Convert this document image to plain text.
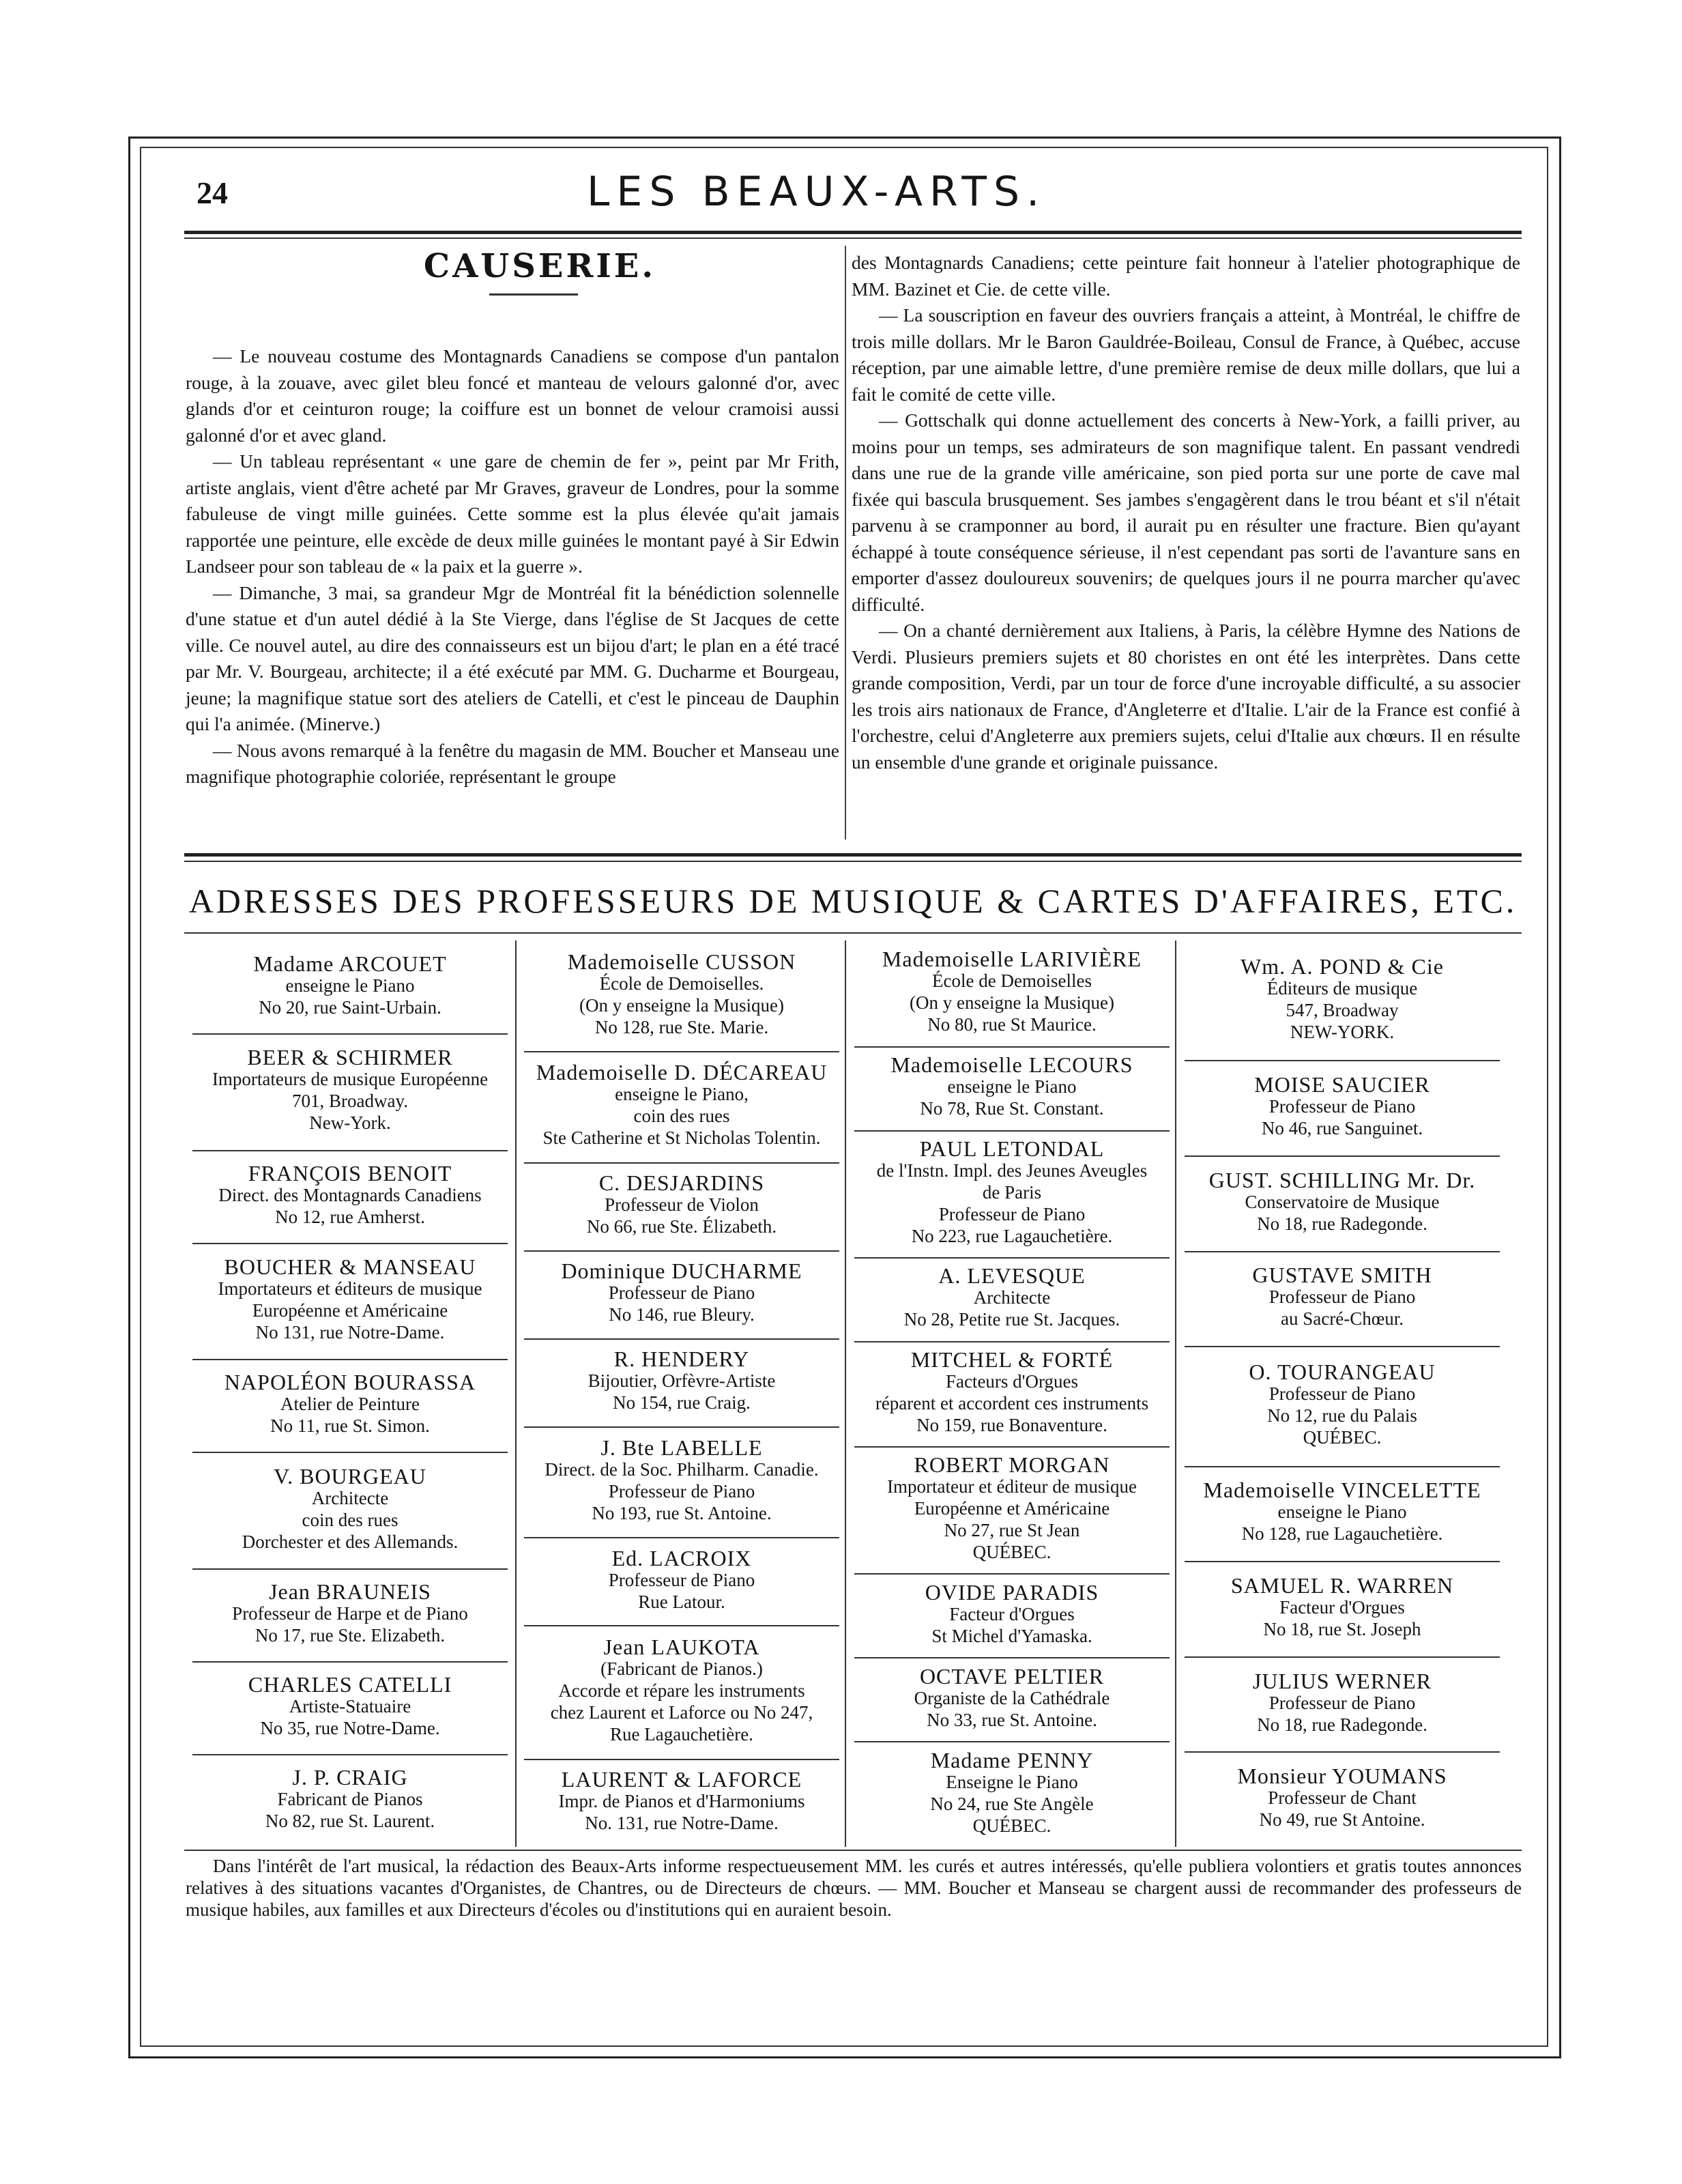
24	LES BEAUX-ARTS.
CAUSERIE.

— Le nouveau costume des Montagnards Canadiens se compose d'un pantalon rouge, à la zouave, avec gilet bleu foncé et manteau de velours galonné d'or, avec glands d'or et ceinturon rouge; la coiffure est un bonnet de velour cramoisi aussi galonné d'or et avec gland.

— Un tableau représentant « une gare de chemin de fer », peint par Mr Frith, artiste anglais, vient d'être acheté par Mr Graves, graveur de Londres, pour la somme fabuleuse de vingt mille guinées. Cette somme est la plus élevée qu'ait jamais rapportée une peinture, elle excède de deux mille guinées le montant payé à Sir Edwin Landseer pour son tableau de « la paix et la guerre ».

— Dimanche, 3 mai, sa grandeur Mgr de Montréal fit la bénédiction solennelle d'une statue et d'un autel dédié à la Ste Vierge, dans l'église de St Jacques de cette ville. Ce nouvel autel, au dire des connaisseurs est un bijou d'art; le plan en a été tracé par Mr. V. Bourgeau, architecte; il a été exécuté par MM. G. Ducharme et Bourgeau, jeune; la magnifique statue sort des ateliers de Catelli, et c'est le pinceau de Dauphin qui l'a animée. (Minerve.)

— Nous avons remarqué à la fenêtre du magasin de MM. Boucher et Manseau une magnifique photographie coloriée, représentant le groupe

des Montagnards Canadiens; cette peinture fait honneur à l'atelier photographique de MM. Bazinet et Cie. de cette ville.

— La souscription en faveur des ouvriers français a atteint, à Montréal, le chiffre de trois mille dollars. Mr le Baron Gauldrée-Boileau, Consul de France, à Québec, accuse réception, par une aimable lettre, d'une première remise de deux mille dollars, que lui a fait le comité de cette ville.

— Gottschalk qui donne actuellement des concerts à New-York, a failli priver, au moins pour un temps, ses admirateurs de son magnifique talent. En passant vendredi dans une rue de la grande ville américaine, son pied porta sur une porte de cave mal fixée qui bascula brusquement. Ses jambes s'engagèrent dans le trou béant et s'il n'était parvenu à se cramponner au bord, il aurait pu en résulter une fracture. Bien qu'ayant échappé à toute conséquence sérieuse, il n'est cependant pas sorti de l'avanture sans en emporter d'assez douloureux souvenirs; de quelques jours il ne pourra marcher qu'avec difficulté.

— On a chanté dernièrement aux Italiens, à Paris, la célèbre Hymne des Nations de Verdi. Plusieurs premiers sujets et 80 choristes en ont été les interprètes. Dans cette grande composition, Verdi, par un tour de force d'une incroyable difficulté, a su associer les trois airs nationaux de France, d'Angleterre et d'Italie. L'air de la France est confié à l'orchestre, celui d'Angleterre aux premiers sujets, celui d'Italie aux chœurs. Il en résulte un ensemble d'une grande et originale puissance.

ADRESSES DES PROFESSEURS DE MUSIQUE & CARTES D'AFFAIRES, ETC.
Madame ARCOUET
enseigne le Piano
No 20, rue Saint-Urbain.
BEER & SCHIRMER
Importateurs de musique Européenne
701, Broadway.
New-York.
FRANÇOIS BENOIT
Direct. des Montagnards Canadiens
No 12, rue Amherst.
BOUCHER & MANSEAU
Importateurs et éditeurs de musique
Européenne et Américaine
No 131, rue Notre-Dame.
NAPOLÉON BOURASSA
Atelier de Peinture
No 11, rue St. Simon.
V. BOURGEAU
Architecte
coin des rues
Dorchester et des Allemands.
Jean BRAUNEIS
Professeur de Harpe et de Piano
No 17, rue Ste. Elizabeth.
CHARLES CATELLI
Artiste-Statuaire
No 35, rue Notre-Dame.
J. P. CRAIG
Fabricant de Pianos
No 82, rue St. Laurent.
Mademoiselle CUSSON
École de Demoiselles.
(On y enseigne la Musique)
No 128, rue Ste. Marie.
Mademoiselle D. DÉCAREAU
enseigne le Piano,
coin des rues
Ste Catherine et St Nicholas Tolentin.
C. DESJARDINS
Professeur de Violon
No 66, rue Ste. Élizabeth.
Dominique DUCHARME
Professeur de Piano
No 146, rue Bleury.
R. HENDERY
Bijoutier, Orfèvre-Artiste
No 154, rue Craig.
J. Bte LABELLE
Direct. de la Soc. Philharm. Canadie.
Professeur de Piano
No 193, rue St. Antoine.
Ed. LACROIX
Professeur de Piano
Rue Latour.
Jean LAUKOTA
(Fabricant de Pianos.)
Accorde et répare les instruments
chez Laurent et Laforce ou No 247,
Rue Lagauchetière.
LAURENT & LAFORCE
Impr. de Pianos et d'Harmoniums
No. 131, rue Notre-Dame.
Mademoiselle LARIVIÈRE
École de Demoiselles
(On y enseigne la Musique)
No 80, rue St Maurice.
Mademoiselle LECOURS
enseigne le Piano
No 78, Rue St. Constant.
PAUL LETONDAL
de l'Instn. Impl. des Jeunes Aveugles
de Paris
Professeur de Piano
No 223, rue Lagauchetière.
A. LEVESQUE
Architecte
No 28, Petite rue St. Jacques.
MITCHEL & FORTÉ
Facteurs d'Orgues
réparent et accordent ces instruments
No 159, rue Bonaventure.
ROBERT MORGAN
Importateur et éditeur de musique
Européenne et Américaine
No 27, rue St Jean
QUÉBEC.
OVIDE PARADIS
Facteur d'Orgues
St Michel d'Yamaska.
OCTAVE PELTIER
Organiste de la Cathédrale
No 33, rue St. Antoine.
Madame PENNY
Enseigne le Piano
No 24, rue Ste Angèle
QUÉBEC.
Wm. A. POND & Cie
Éditeurs de musique
547, Broadway
NEW-YORK.
MOISE SAUCIER
Professeur de Piano
No 46, rue Sanguinet.
GUST. SCHILLING Mr. Dr.
Conservatoire de Musique
No 18, rue Radegonde.
GUSTAVE SMITH
Professeur de Piano
au Sacré-Chœur.
O. TOURANGEAU
Professeur de Piano
No 12, rue du Palais
QUÉBEC.
Mademoiselle VINCELETTE
enseigne le Piano
No 128, rue Lagauchetière.
SAMUEL R. WARREN
Facteur d'Orgues
No 18, rue St. Joseph
JULIUS WERNER
Professeur de Piano
No 18, rue Radegonde.
Monsieur YOUMANS
Professeur de Chant
No 49, rue St Antoine.

Dans l'intérêt de l'art musical, la rédaction des Beaux-Arts informe respectueusement MM. les curés et autres intéressés, qu'elle publiera volontiers et gratis toutes annonces relatives à des situations vacantes d'Organistes, de Chantres, ou de Directeurs de chœurs. — MM. Boucher et Manseau se chargent aussi de recommander des professeurs de musique habiles, aux familles et aux Directeurs d'écoles ou d'institutions qui en auraient besoin.
